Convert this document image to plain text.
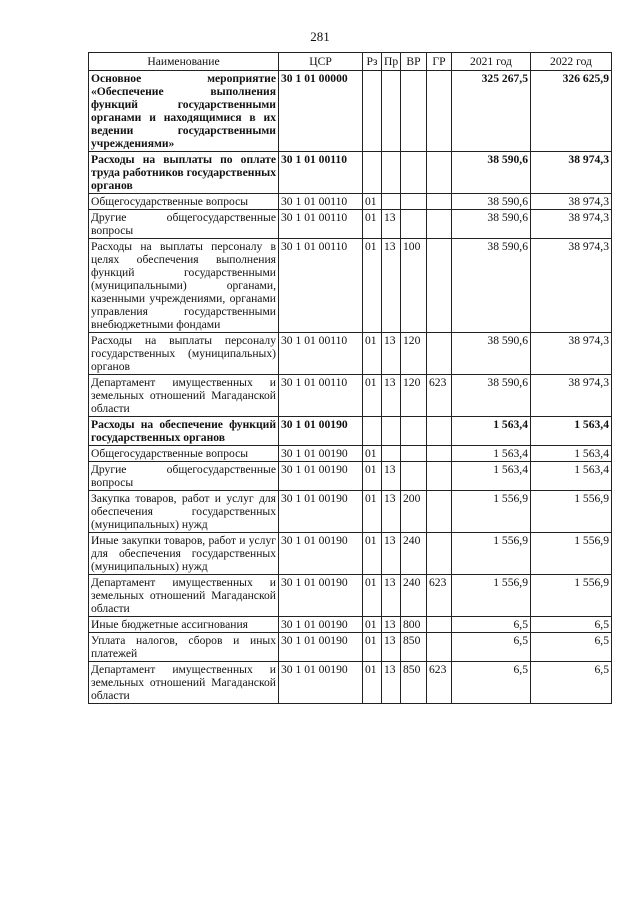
281
Наименование	ЦСР	Рз	Пр	ВР	ГР	2021 год	2022 год
Основное мероприятие «Обеспечение выполнения функций государственными органами и находящимися в их ведении государственными учреждениями»	30 1 01 00000					325 267,5	326 625,9
Расходы на выплаты по оплате труда работников государственных органов	30 1 01 00110					38 590,6	38 974,3
Общегосударственные вопросы	30 1 01 00110	01				38 590,6	38 974,3
Другие общегосударственные вопросы	30 1 01 00110	01	13			38 590,6	38 974,3
Расходы на выплаты персоналу в целях обеспечения выполнения функций государственными (муниципальными) органами, казенными учреждениями, органами управления государственными внебюджетными фондами	30 1 01 00110	01	13	100		38 590,6	38 974,3
Расходы на выплаты персоналу государственных (муниципальных) органов	30 1 01 00110	01	13	120		38 590,6	38 974,3
Департамент имущественных и земельных отношений Магаданской области	30 1 01 00110	01	13	120	623	38 590,6	38 974,3
Расходы на обеспечение функций государственных органов	30 1 01 00190					1 563,4	1 563,4
Общегосударственные вопросы	30 1 01 00190	01				1 563,4	1 563,4
Другие общегосударственные вопросы	30 1 01 00190	01	13			1 563,4	1 563,4
Закупка товаров, работ и услуг для обеспечения государственных (муниципальных) нужд	30 1 01 00190	01	13	200		1 556,9	1 556,9
Иные закупки товаров, работ и услуг для обеспечения государственных (муниципальных) нужд	30 1 01 00190	01	13	240		1 556,9	1 556,9
Департамент имущественных и земельных отношений Магаданской области	30 1 01 00190	01	13	240	623	1 556,9	1 556,9
Иные бюджетные ассигнования	30 1 01 00190	01	13	800		6,5	6,5
Уплата налогов, сборов и иных платежей	30 1 01 00190	01	13	850		6,5	6,5
Департамент имущественных и земельных отношений Магаданской области	30 1 01 00190	01	13	850	623	6,5	6,5
